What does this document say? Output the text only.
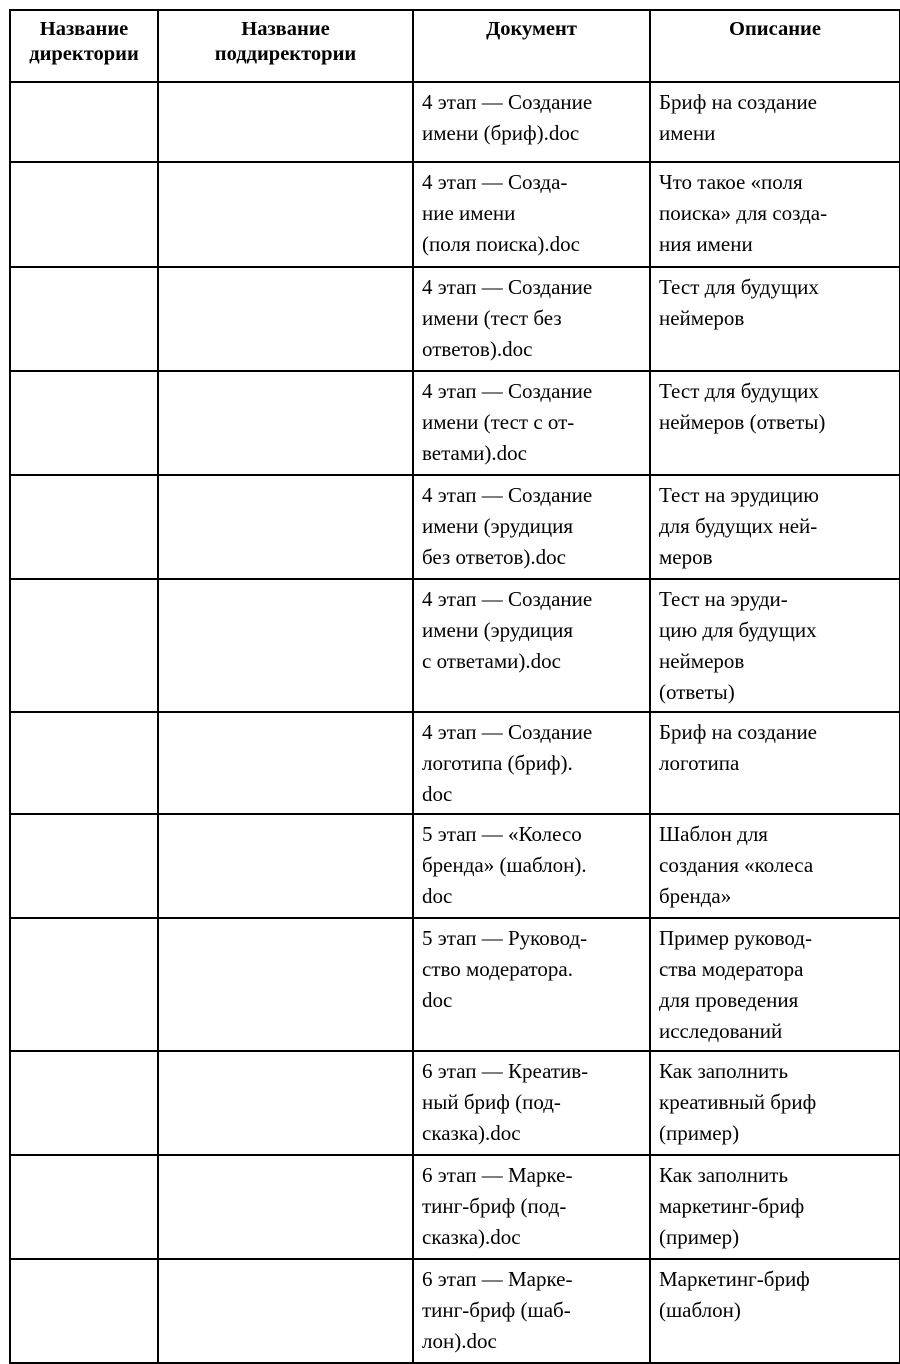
Название
директории	Название
поддиректории	Документ	Описание
		4 этап — Создание
имени (бриф).doc	Бриф на создание
имени
		4 этап — Созда-
ние имени
(поля поиска).doc	Что такое «поля
поиска» для созда-
ния имени
		4 этап — Создание
имени (тест без
ответов).doc	Тест для будущих
неймеров
		4 этап — Создание
имени (тест с от-
ветами).doc	Тест для будущих
неймеров (ответы)
		4 этап — Создание
имени (эрудиция
без ответов).doc	Тест на эрудицию
для будущих ней-
меров
		4 этап — Создание
имени (эрудиция
с ответами).doc	Тест на эруди-
цию для будущих
неймеров
(ответы)
		4 этап — Создание
логотипа (бриф).
doc	Бриф на создание
логотипа
		5 этап — «Колесо
бренда» (шаблон).
doc	Шаблон для
создания «колеса
бренда»
		5 этап — Руковод-
ство модератора.
doc	Пример руковод-
ства модератора
для проведения
исследований
		6 этап — Креатив-
ный бриф (под-
сказка).doc	Как заполнить
креативный бриф
(пример)
		6 этап — Марке-
тинг-бриф (под-
сказка).doc	Как заполнить
маркетинг-бриф
(пример)
		6 этап — Марке-
тинг-бриф (шаб-
лон).doc	Маркетинг-бриф
(шаблон)
